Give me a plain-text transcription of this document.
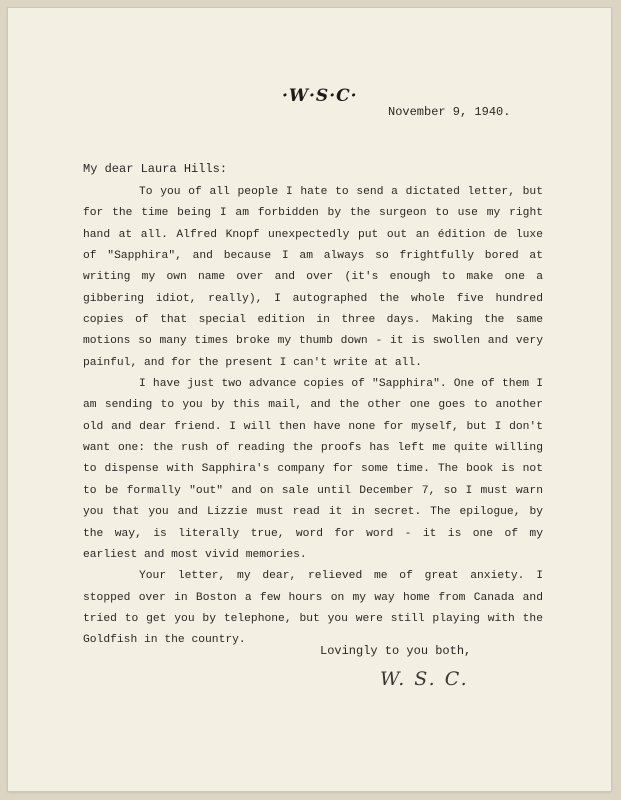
·W·S·C·
November 9, 1940.
My dear Laura Hills:

To you of all people I hate to send a dictated letter, but for the time being I am forbidden by the surgeon to use my right hand at all. Alfred Knopf unexpectedly put out an édition de luxe of "Sapphira", and because I am always so frightfully bored at writing my own name over and over (it's enough to make one a gibbering idiot, really), I autographed the whole five hundred copies of that special edition in three days. Making the same motions so many times broke my thumb down - it is swollen and very painful, and for the present I can't write at all.

I have just two advance copies of "Sapphira". One of them I am sending to you by this mail, and the other one goes to another old and dear friend. I will then have none for myself, but I don't want one: the rush of reading the proofs has left me quite willing to dispense with Sapphira's company for some time. The book is not to be formally "out" and on sale until December 7, so I must warn you that you and Lizzie must read it in secret. The epilogue, by the way, is literally true, word for word - it is one of my earliest and most vivid memories.

Your letter, my dear, relieved me of great anxiety. I stopped over in Boston a few hours on my way home from Canada and tried to get you by telephone, but you were still playing with the Goldfish in the country.

Lovingly to you both,
W. S. C.
